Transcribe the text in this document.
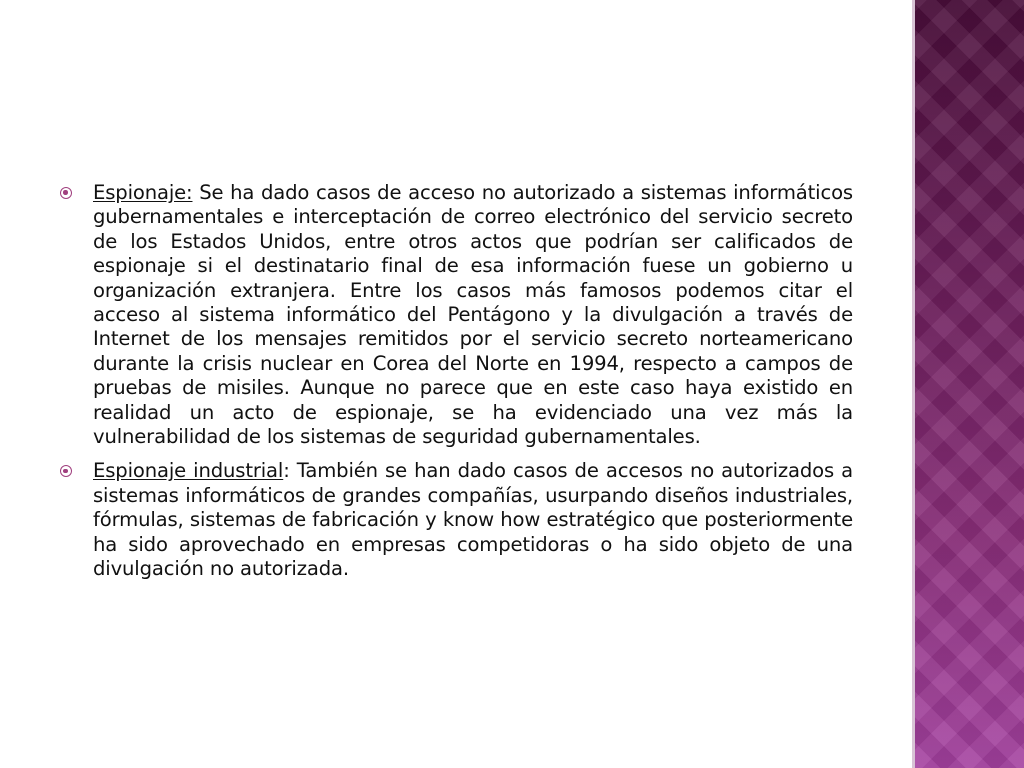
Espionaje: Se ha dado casos de acceso no autorizado a sistemas informáticos gubernamentales e interceptación de correo electrónico del servicio secreto de los Estados Unidos, entre otros actos que podrían ser calificados de espionaje si el destinatario final de esa información fuese un gobierno u organización extranjera. Entre los casos más famosos podemos citar el acceso al sistema informático del Pentágono y la divulgación a través de Internet de los mensajes remitidos por el servicio secreto norteamericano durante la crisis nuclear en Corea del Norte en 1994, respecto a campos de pruebas de misiles. Aunque no parece que en este caso haya existido en realidad un acto de espionaje, se ha evidenciado una vez más la vulnerabilidad de los sistemas de seguridad gubernamentales.

Espionaje industrial: También se han dado casos de accesos no autorizados a sistemas informáticos de grandes compañías, usurpando diseños industriales, fórmulas, sistemas de fabricación y know how estratégico que posteriormente ha sido aprovechado en empresas competidoras o ha sido objeto de una divulgación no autorizada.
